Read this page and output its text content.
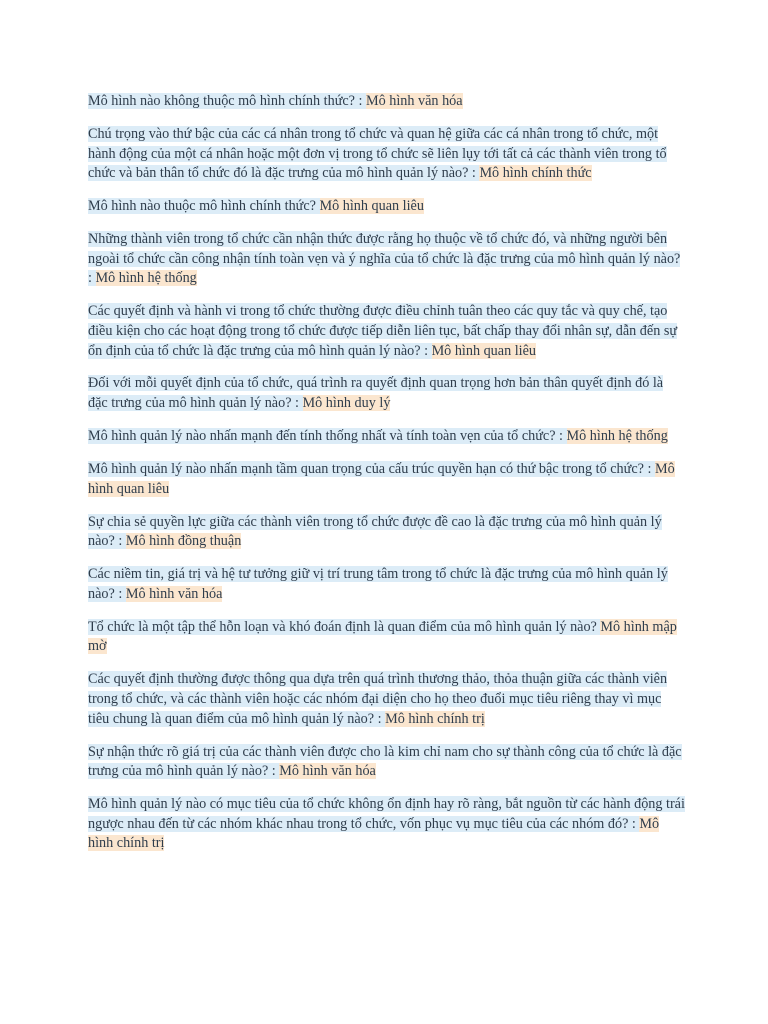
Mô hình nào không thuộc mô hình chính thức? : Mô hình văn hóa

Chú trọng vào thứ bậc của các cá nhân trong tổ chức và quan hệ giữa các cá nhân trong tổ chức, một hành động của một cá nhân hoặc một đơn vị trong tổ chức sẽ liên lụy tới tất cả các thành viên trong tổ chức và bản thân tổ chức đó là đặc trưng của mô hình quản lý nào? : Mô hình chính thức

Mô hình nào thuộc mô hình chính thức? Mô hình quan liêu

Những thành viên trong tổ chức cần nhận thức được rằng họ thuộc về tổ chức đó, và những người bên ngoài tổ chức cần công nhận tính toàn vẹn và ý nghĩa của tổ chức là đặc trưng của mô hình quản lý nào? : Mô hình hệ thống

Các quyết định và hành vi trong tổ chức thường được điều chỉnh tuân theo các quy tắc và quy chế, tạo điều kiện cho các hoạt động trong tổ chức được tiếp diễn liên tục, bất chấp thay đổi nhân sự, dẫn đến sự ổn định của tổ chức là đặc trưng của mô hình quản lý nào? : Mô hình quan liêu

Đối với mỗi quyết định của tổ chức, quá trình ra quyết định quan trọng hơn bản thân quyết định đó là đặc trưng của mô hình quản lý nào? : Mô hình duy lý

Mô hình quản lý nào nhấn mạnh đến tính thống nhất và tính toàn vẹn của tổ chức? : Mô hình hệ thống

Mô hình quản lý nào nhấn mạnh tầm quan trọng của cấu trúc quyền hạn có thứ bậc trong tổ chức? : Mô hình quan liêu

Sự chia sẻ quyền lực giữa các thành viên trong tổ chức được đề cao là đặc trưng của mô hình quản lý nào? : Mô hình đồng thuận

Các niềm tin, giá trị và hệ tư tưởng giữ vị trí trung tâm trong tổ chức là đặc trưng của mô hình quản lý nào? : Mô hình văn hóa

Tổ chức là một tập thể hỗn loạn và khó đoán định là quan điểm của mô hình quản lý nào? Mô hình mập mờ

Các quyết định thường được thông qua dựa trên quá trình thương thảo, thỏa thuận giữa các thành viên trong tổ chức, và các thành viên hoặc các nhóm đại diện cho họ theo đuổi mục tiêu riêng thay vì mục tiêu chung là quan điểm của mô hình quản lý nào? : Mô hình chính trị

Sự nhận thức rõ giá trị của các thành viên được cho là kim chỉ nam cho sự thành công của tổ chức là đặc trưng của mô hình quản lý nào? : Mô hình văn hóa

Mô hình quản lý nào có mục tiêu của tổ chức không ổn định hay rõ ràng, bắt nguồn từ các hành động trái ngược nhau đến từ các nhóm khác nhau trong tổ chức, vốn phục vụ mục tiêu của các nhóm đó? : Mô hình chính trị
